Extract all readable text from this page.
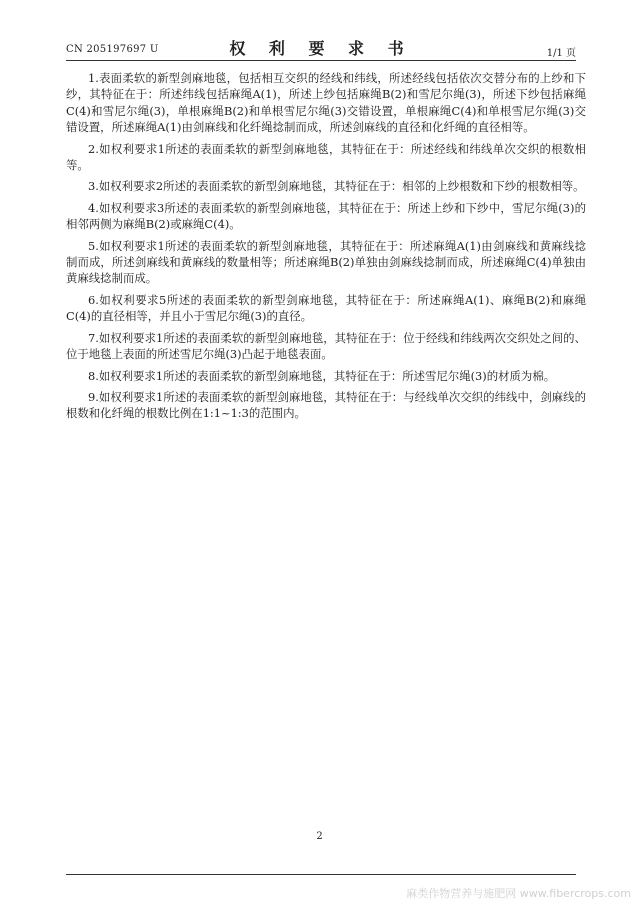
CN 205197697 U	权 利 要 求 书	1/1 页

1.表面柔软的新型剑麻地毯，包括相互交织的经线和纬线，所述经线包括依次交替分布的上纱和下纱，其特征在于：所述纬线包括麻绳A(1)，所述上纱包括麻绳B(2)和雪尼尔绳(3)，所述下纱包括麻绳C(4)和雪尼尔绳(3)，单根麻绳B(2)和单根雪尼尔绳(3)交错设置，单根麻绳C(4)和单根雪尼尔绳(3)交错设置，所述麻绳A(1)由剑麻线和化纤绳捻制而成，所述剑麻线的直径和化纤绳的直径相等。

2.如权利要求1所述的表面柔软的新型剑麻地毯，其特征在于：所述经线和纬线单次交织的根数相等。

3.如权利要求2所述的表面柔软的新型剑麻地毯，其特征在于：相邻的上纱根数和下纱的根数相等。

4.如权利要求3所述的表面柔软的新型剑麻地毯，其特征在于：所述上纱和下纱中，雪尼尔绳(3)的相邻两侧为麻绳B(2)或麻绳C(4)。

5.如权利要求1所述的表面柔软的新型剑麻地毯，其特征在于：所述麻绳A(1)由剑麻线和黄麻线捻制而成，所述剑麻线和黄麻线的数量相等；所述麻绳B(2)单独由剑麻线捻制而成，所述麻绳C(4)单独由黄麻线捻制而成。

6.如权利要求5所述的表面柔软的新型剑麻地毯，其特征在于：所述麻绳A(1)、麻绳B(2)和麻绳C(4)的直径相等，并且小于雪尼尔绳(3)的直径。

7.如权利要求1所述的表面柔软的新型剑麻地毯，其特征在于：位于经线和纬线两次交织处之间的、位于地毯上表面的所述雪尼尔绳(3)凸起于地毯表面。

8.如权利要求1所述的表面柔软的新型剑麻地毯，其特征在于：所述雪尼尔绳(3)的材质为棉。

9.如权利要求1所述的表面柔软的新型剑麻地毯，其特征在于：与经线单次交织的纬线中，剑麻线的根数和化纤绳的根数比例在1:1~1:3的范围内。

2
麻类作物营养与施肥网 www.fibercrops.com
